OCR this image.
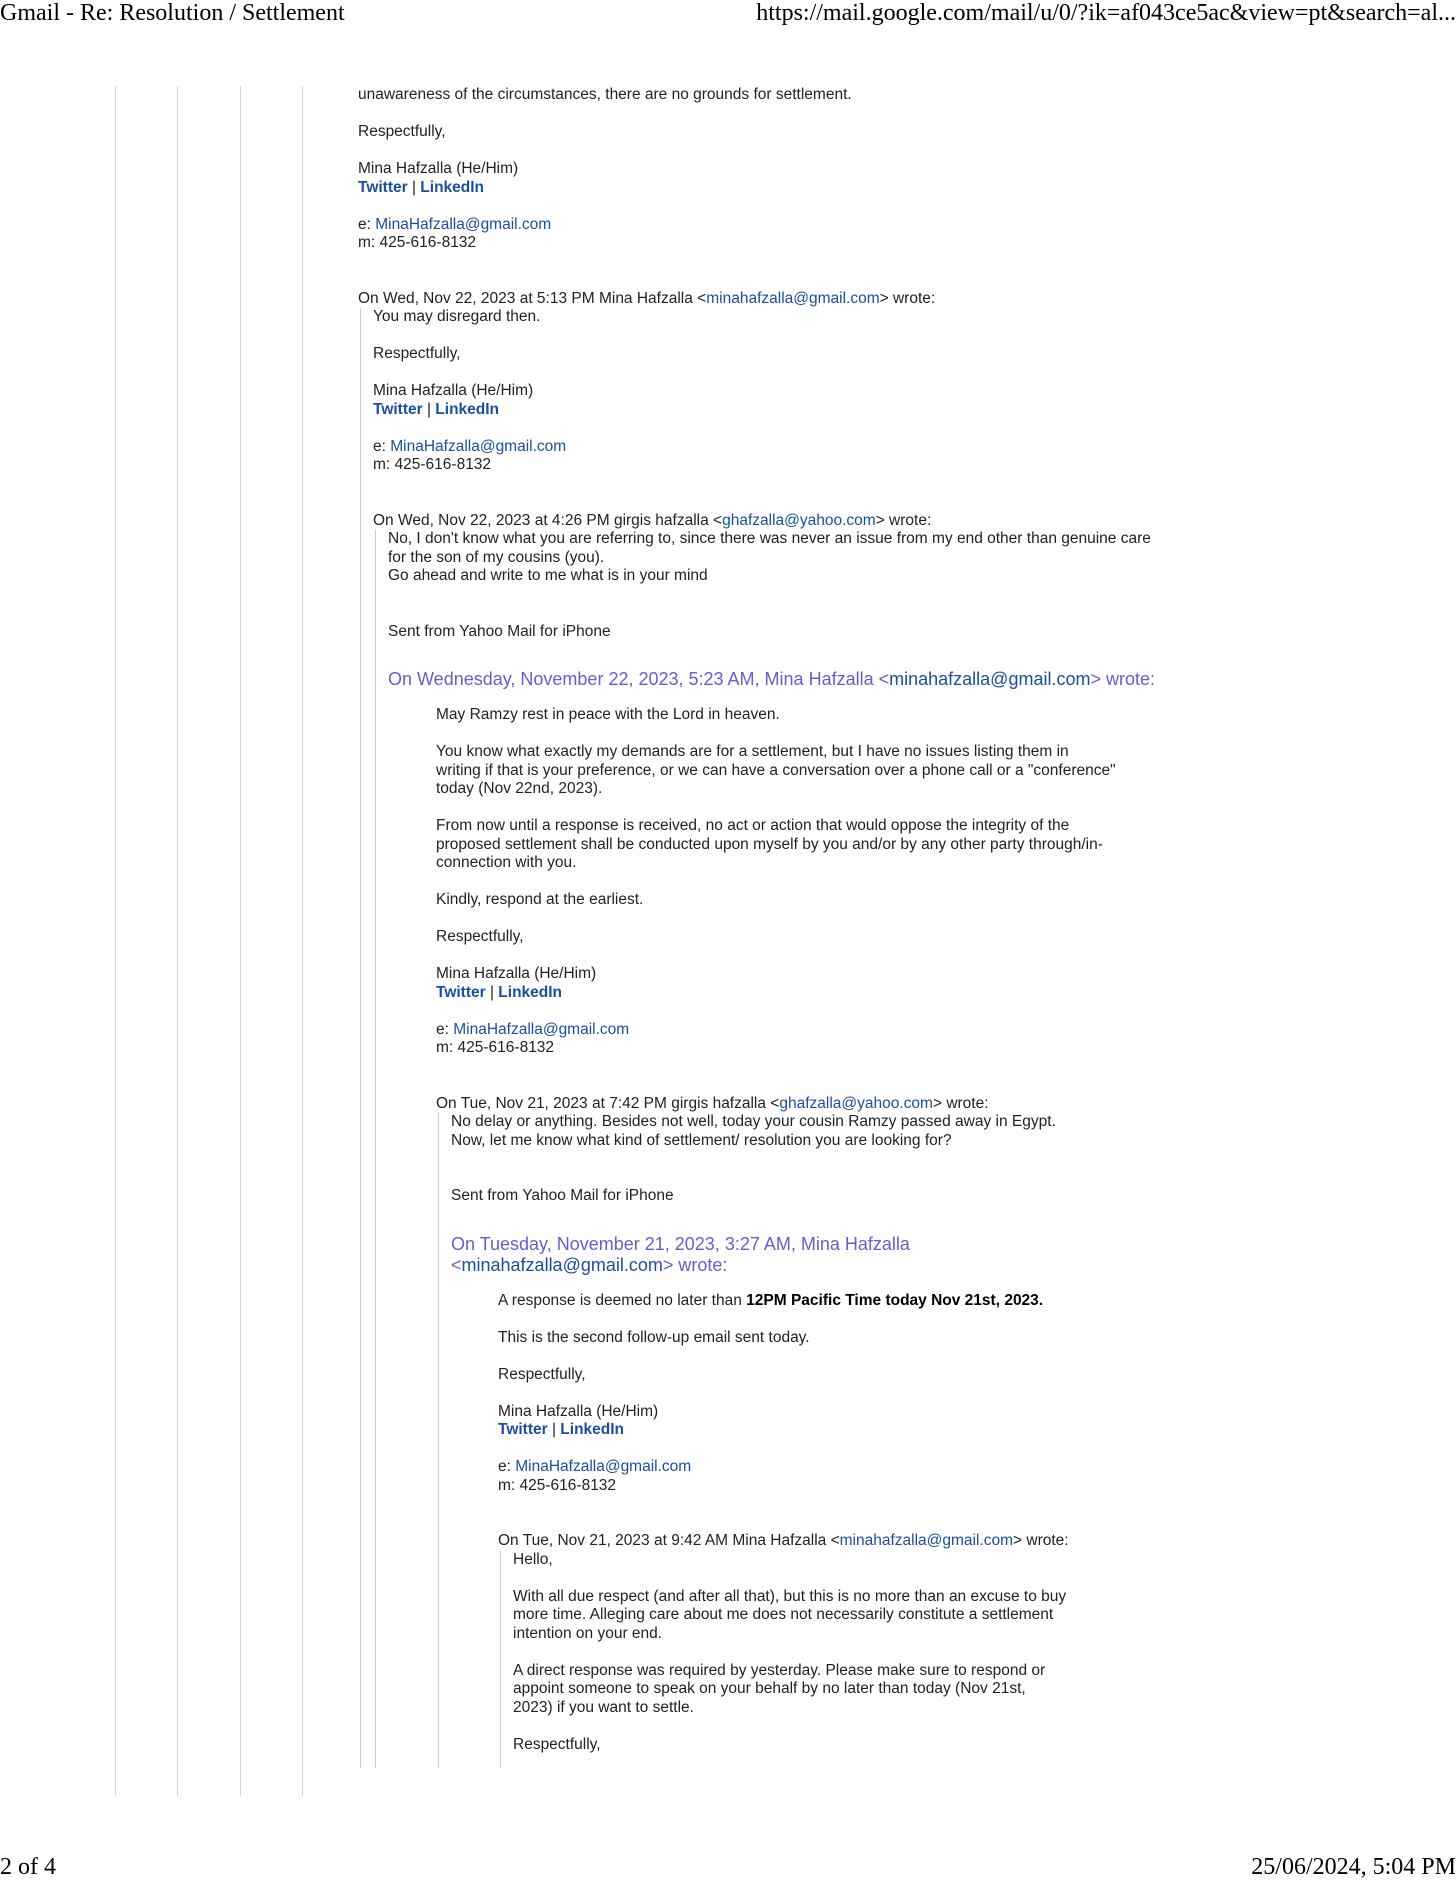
Gmail - Re: Resolution / Settlement	https://mail.google.com/mail/u/0/?ik=af043ce5ac&view=pt&search=al...

unawareness of the circumstances, there are no grounds for settlement.

Respectfully,

Mina Hafzalla (He/Him)

Twitter | LinkedIn

e: MinaHafzalla@gmail.com

m: 425-616-8132

On Wed, Nov 22, 2023 at 5:13 PM Mina Hafzalla <minahafzalla@gmail.com> wrote:

You may disregard then.

Respectfully,

Mina Hafzalla (He/Him)

Twitter | LinkedIn

e: MinaHafzalla@gmail.com

m: 425-616-8132

On Wed, Nov 22, 2023 at 4:26 PM girgis hafzalla <ghafzalla@yahoo.com> wrote:

No, I don't know what you are referring to, since there was never an issue from my end other than genuine care

for the son of my cousins (you).

Go ahead and write to me what is in your mind

Sent from Yahoo Mail for iPhone

On Wednesday, November 22, 2023, 5:23 AM, Mina Hafzalla <minahafzalla@gmail.com> wrote:

May Ramzy rest in peace with the Lord in heaven.

You know what exactly my demands are for a settlement, but I have no issues listing them in

writing if that is your preference, or we can have a conversation over a phone call or a "conference"

today (Nov 22nd, 2023).

From now until a response is received, no act or action that would oppose the integrity of the

proposed settlement shall be conducted upon myself by you and/or by any other party through/in-

connection with you.

Kindly, respond at the earliest.

Respectfully,

Mina Hafzalla (He/Him)

Twitter | LinkedIn

e: MinaHafzalla@gmail.com

m: 425-616-8132

On Tue, Nov 21, 2023 at 7:42 PM girgis hafzalla <ghafzalla@yahoo.com> wrote:

No delay or anything. Besides not well, today your cousin Ramzy passed away in Egypt.

Now, let me know what kind of settlement/ resolution you are looking for?

Sent from Yahoo Mail for iPhone

On Tuesday, November 21, 2023, 3:27 AM, Mina Hafzalla

<minahafzalla@gmail.com> wrote:

A response is deemed no later than 12PM Pacific Time today Nov 21st, 2023.

This is the second follow-up email sent today.

Respectfully,

Mina Hafzalla (He/Him)

Twitter | LinkedIn

e: MinaHafzalla@gmail.com

m: 425-616-8132

On Tue, Nov 21, 2023 at 9:42 AM Mina Hafzalla <minahafzalla@gmail.com> wrote:

Hello,

With all due respect (and after all that), but this is no more than an excuse to buy

more time. Alleging care about me does not necessarily constitute a settlement

intention on your end.

A direct response was required by yesterday. Please make sure to respond or

appoint someone to speak on your behalf by no later than today (Nov 21st,

2023) if you want to settle.

Respectfully,

2 of 4	25/06/2024, 5:04 PM
